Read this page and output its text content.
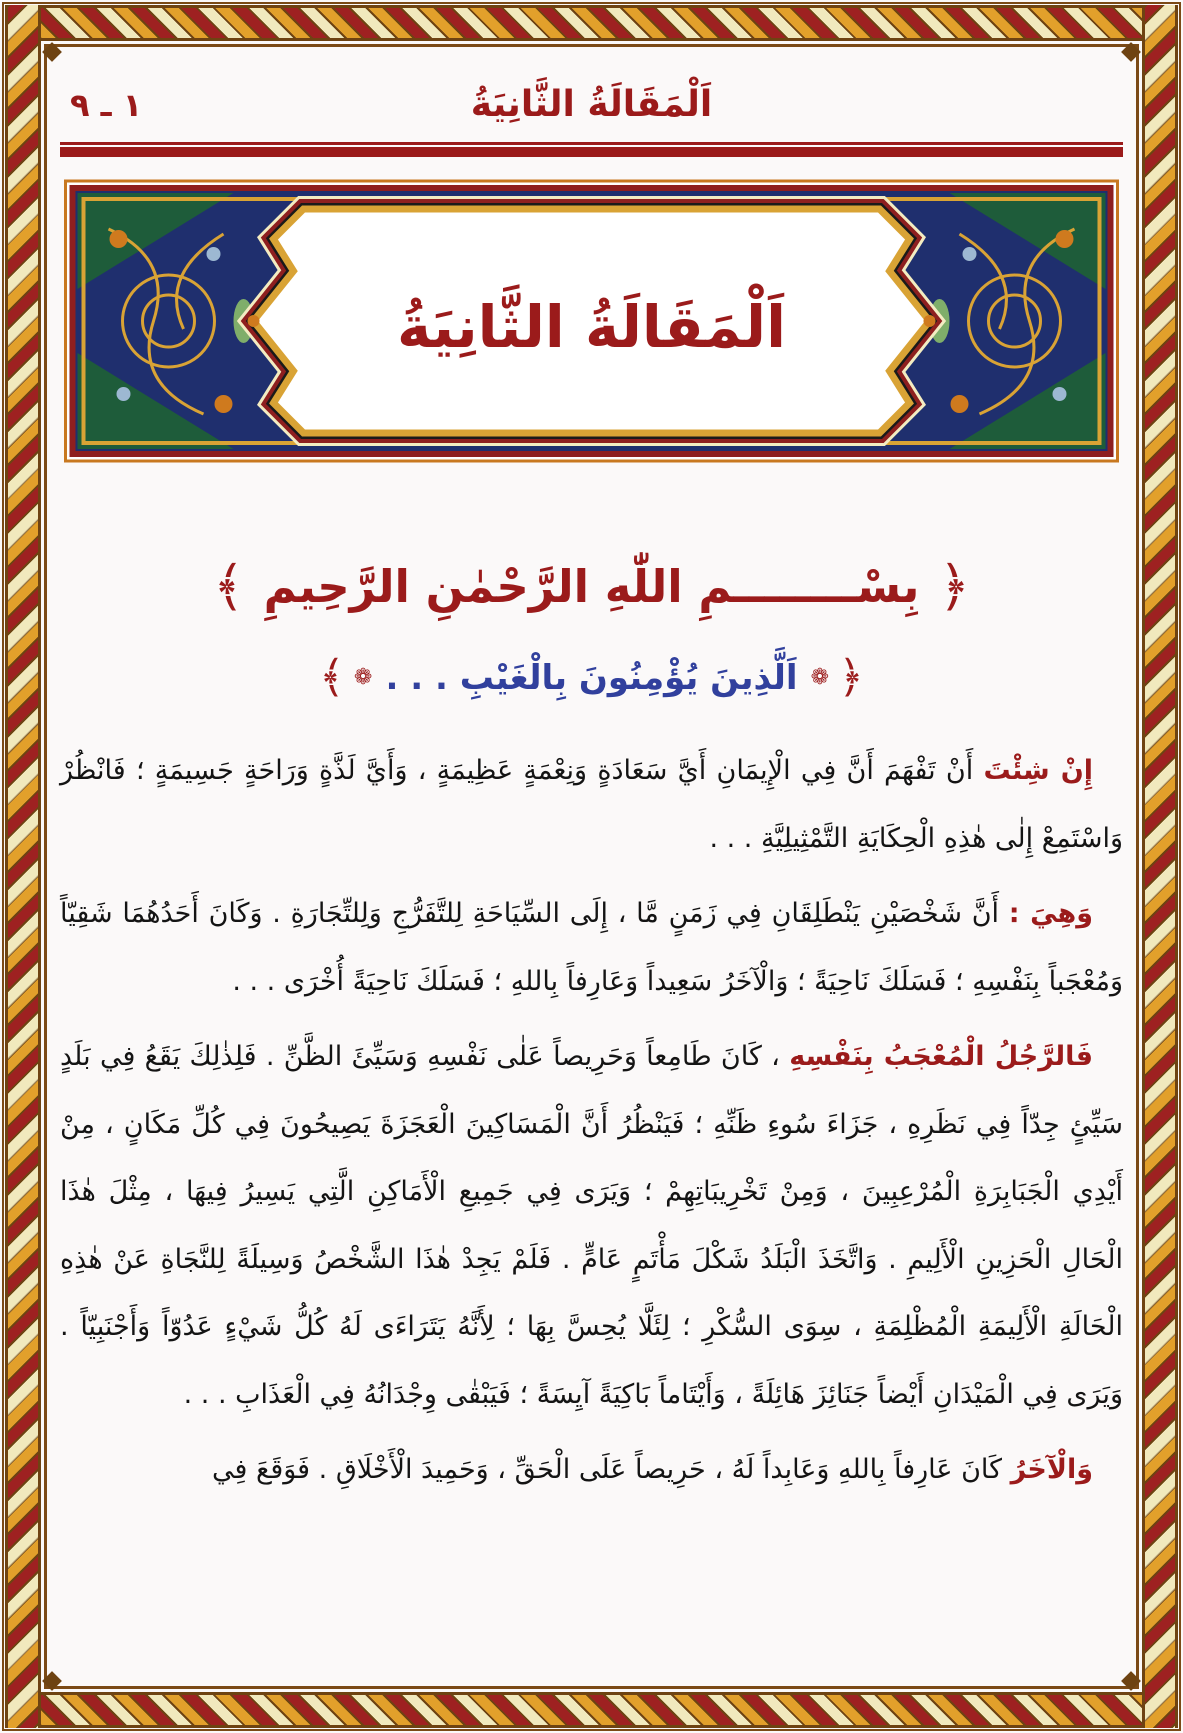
اَلْمَقَالَةُ الثَّانِيَةُ
١ ـ ٩
اَلْمَقَالَةُ الثَّانِيَةُ
﴿ بِسْــــــــمِ اللّٰهِ الرَّحْمٰنِ الرَّحِيمِ ﴾
﴿ ❁ اَلَّذِينَ يُؤْمِنُونَ بِالْغَيْبِ . . . ❁ ﴾

إِنْ شِئْتَ أَنْ تَفْهَمَ أَنَّ فِي الْإِيمَانِ أَيَّ سَعَادَةٍ وَنِعْمَةٍ عَظِيمَةٍ ، وَأَيَّ لَذَّةٍ وَرَاحَةٍ جَسِيمَةٍ ؛ فَانْظُرْ وَاسْتَمِعْ إِلٰى هٰذِهِ الْحِكَايَةِ التَّمْثِيلِيَّةِ . . .

وَهِيَ : أَنَّ شَخْصَيْنِ يَنْطَلِقَانِ فِي زَمَنٍ مَّا ، إِلَى السِّيَاحَةِ لِلتَّفَرُّجِ وَلِلتِّجَارَةِ . وَكَانَ أَحَدُهُمَا شَقِيّاً وَمُعْجَباً بِنَفْسِهِ ؛ فَسَلَكَ نَاحِيَةً ؛ وَالْآخَرُ سَعِيداً وَعَارِفاً بِاللهِ ؛ فَسَلَكَ نَاحِيَةً أُخْرَى . . .

فَالرَّجُلُ الْمُعْجَبُ بِنَفْسِهِ ، كَانَ طَامِعاً وَحَرِيصاً عَلٰى نَفْسِهِ وَسَيِّئَ الظَّنِّ . فَلِذٰلِكَ يَقَعُ فِي بَلَدٍ سَيِّئٍ جِدّاً فِي نَظَرِهِ ، جَزَاءَ سُوءِ ظَنِّهِ ؛ فَيَنْظُرُ أَنَّ الْمَسَاكِينَ الْعَجَزَةَ يَصِيحُونَ فِي كُلِّ مَكَانٍ ، مِنْ أَيْدِي الْجَبَابِرَةِ الْمُرْعِبِينَ ، وَمِنْ تَخْرِيبَاتِهِمْ ؛ وَيَرَى فِي جَمِيعِ الْأَمَاكِنِ الَّتِي يَسِيرُ فِيهَا ، مِثْلَ هٰذَا الْحَالِ الْحَزِينِ الْأَلِيمِ . وَاتَّخَذَ الْبَلَدُ شَكْلَ مَأْتَمٍ عَامٍّ . فَلَمْ يَجِدْ هٰذَا الشَّخْصُ وَسِيلَةً لِلنَّجَاةِ عَنْ هٰذِهِ الْحَالَةِ الْأَلِيمَةِ الْمُظْلِمَةِ ، سِوَى السُّكْرِ ؛ لِئَلَّا يُحِسَّ بِهَا ؛ لِأَنَّهُ يَتَرَاءَى لَهُ كُلُّ شَيْءٍ عَدُوّاً وَأَجْنَبِيّاً . وَيَرَى فِي الْمَيْدَانِ أَيْضاً جَنَائِزَ هَائِلَةً ، وَأَيْتَاماً بَاكِيَةً آيِسَةً ؛ فَيَبْقٰى وِجْدَانُهُ فِي الْعَذَابِ . . .

وَالْآخَرُ كَانَ عَارِفاً بِاللهِ وَعَابِداً لَهُ ، حَرِيصاً عَلَى الْحَقِّ ، وَحَمِيدَ الْأَخْلَاقِ . فَوَقَعَ فِي
